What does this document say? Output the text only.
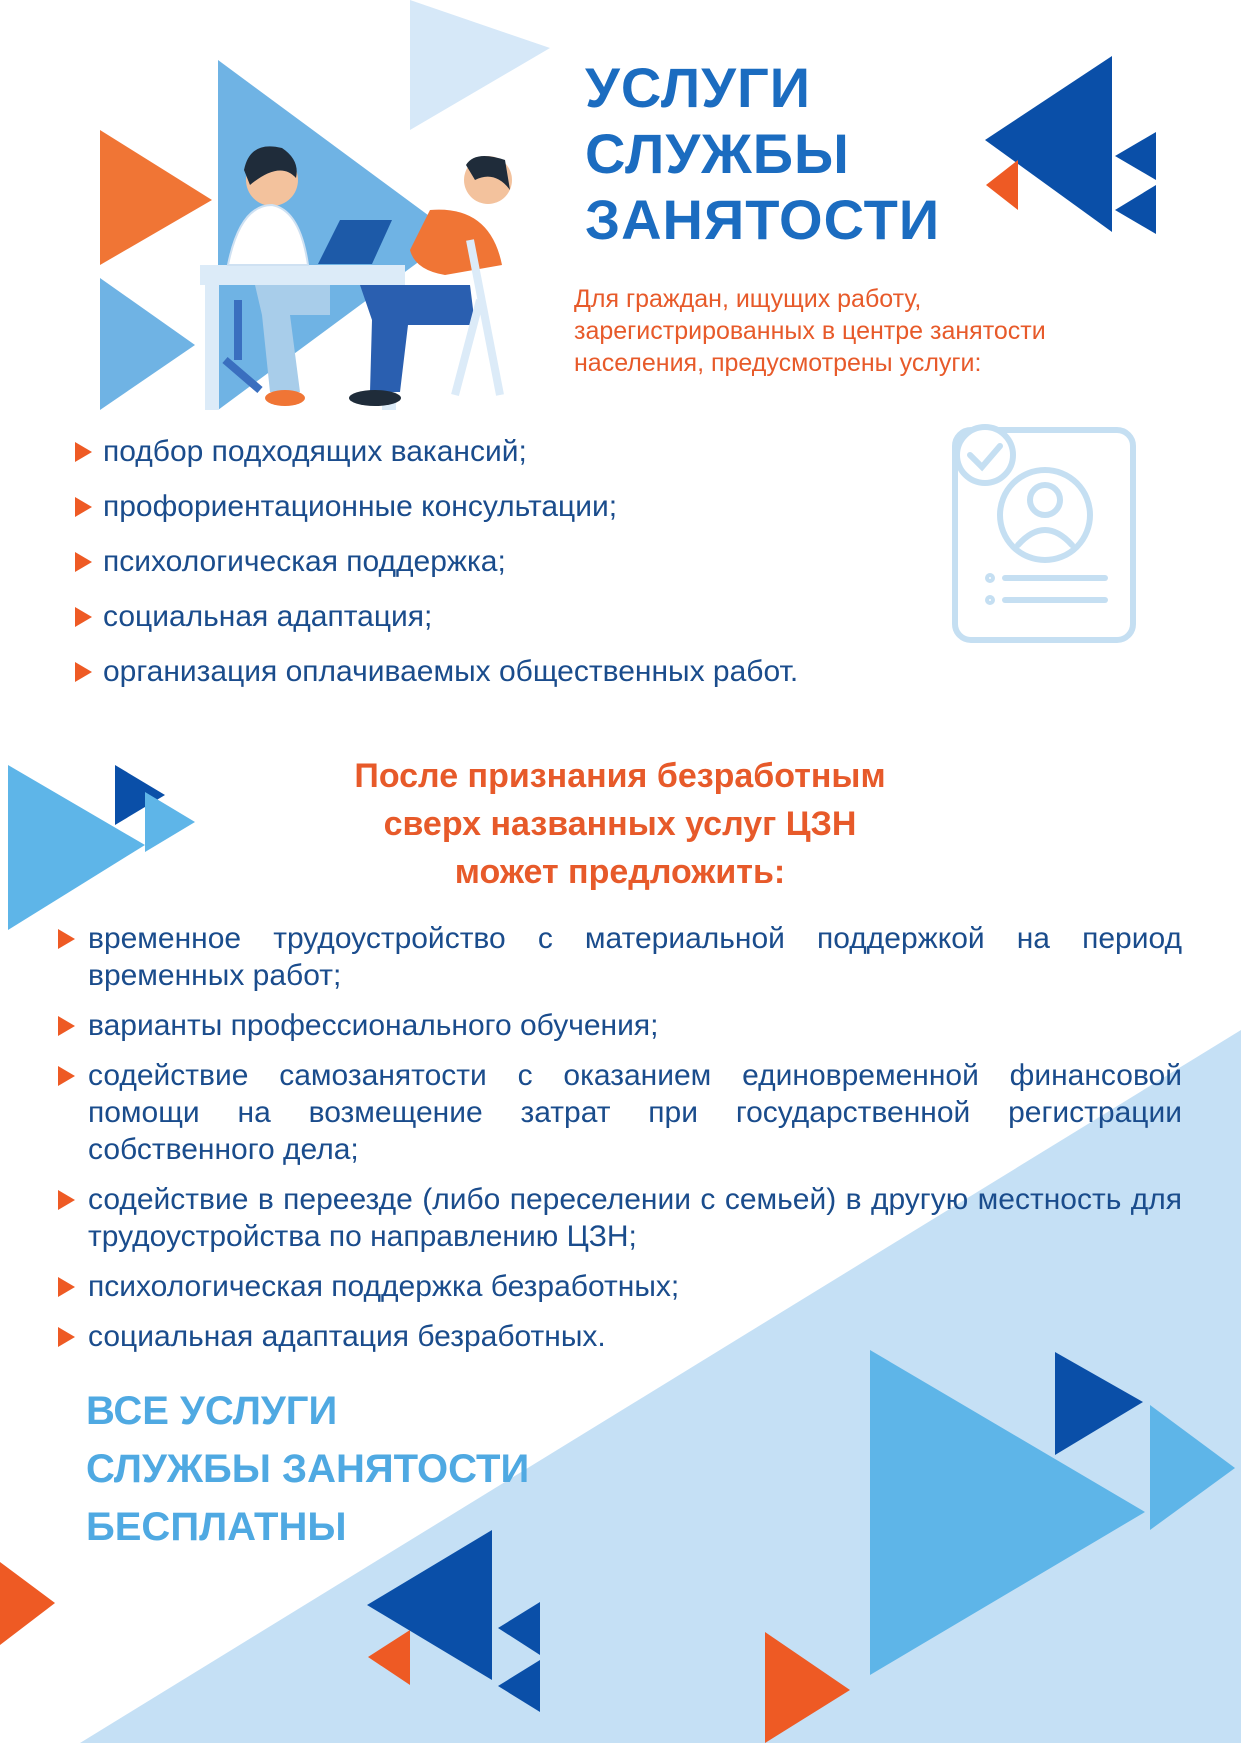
УСЛУГИ
СЛУЖБЫ
ЗАНЯТОСТИ
Для граждан, ищущих работу, зарегистрированных в центре занятости населения, предусмотрены услуги:
подбор подходящих вакансий;
профориентационные консультации;
психологическая поддержка;
социальная адаптация;
организация оплачиваемых общественных работ.
После признания безработным
сверх названных услуг ЦЗН
может предложить:
временное трудоустройство с материальной поддержкой на период временных работ;
варианты профессионального обучения;
содействие самозанятости с оказанием единовременной финансовой помощи на возмещение затрат при государственной регистрации собственного дела;
содействие в переезде (либо переселении с семьей) в другую местность для трудоустройства по направлению ЦЗН;
психологическая поддержка безработных;
социальная адаптация безработных.
ВСЕ УСЛУГИ
СЛУЖБЫ ЗАНЯТОСТИ
БЕСПЛАТНЫ
